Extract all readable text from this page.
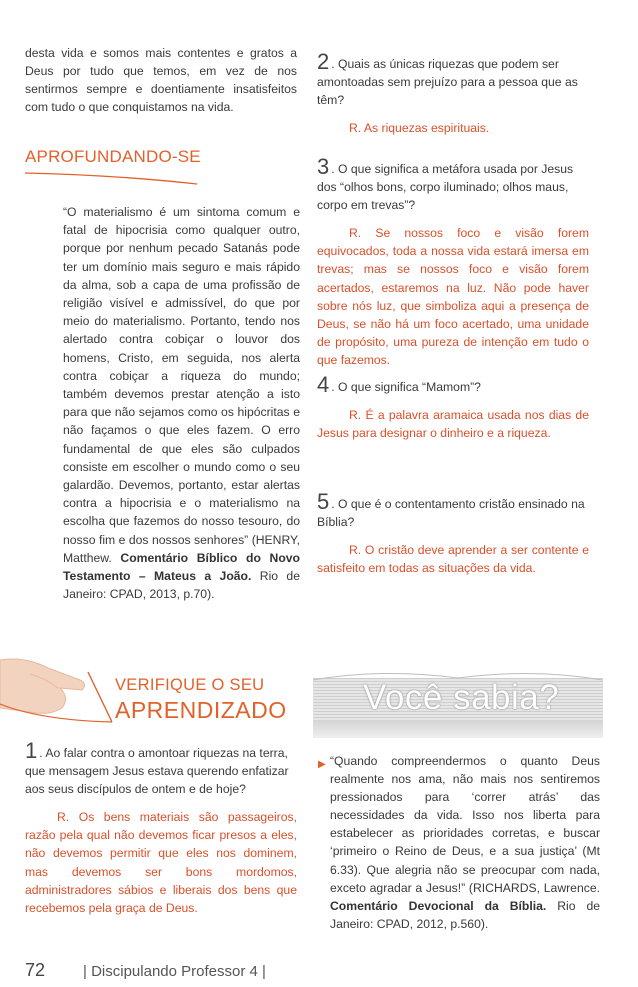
desta vida e somos mais contentes e gratos a Deus por tudo que temos, em vez de nos sentirmos sempre e doentiamente insatisfeitos com tudo o que conquistamos na vida.

APROFUNDANDO-SE

“O materialismo é um sintoma comum e fatal de hipocrisia como qualquer outro, porque por nenhum pecado Satanás pode ter um domínio mais seguro e mais rápido da alma, sob a capa de uma profissão de religião visível e admissível, do que por meio do materialismo. Portanto, tendo nos alertado contra cobiçar o louvor dos homens, Cristo, em seguida, nos alerta contra cobiçar a riqueza do mundo; também devemos prestar atenção a isto para que não sejamos como os hipócritas e não façamos o que eles fazem. O erro fundamental de que eles são culpados consiste em escolher o mundo como o seu galardão. Devemos, portanto, estar alertas contra a hipocrisia e o materialismo na escolha que fazemos do nosso tesouro, do nosso fim e dos nossos senhores” (HENRY, Matthew. Comentário Bíblico do Novo Testamento – Mateus a João. Rio de Janeiro: CPAD, 2013, p.70).

VERIFIQUE O SEU
APRENDIZADO

1 . Ao falar contra o amontoar riquezas na terra, que mensagem Jesus estava querendo enfatizar aos seus discípulos de ontem e de hoje?

R. Os bens materiais são passageiros, razão pela qual não devemos ficar presos a eles, não devemos permitir que eles nos dominem, mas devemos ser bons mordomos, administradores sábios e liberais dos bens que recebemos pela graça de Deus.

2 . Quais as únicas riquezas que podem ser amontoadas sem prejuízo para a pessoa que as têm?

R. As riquezas espirituais.

3 . O que significa a metáfora usada por Jesus dos “olhos bons, corpo iluminado; olhos maus, corpo em trevas”?

R. Se nossos foco e visão forem equivocados, toda a nossa vida estará imersa em trevas; mas se nossos foco e visão forem acertados, estaremos na luz. Não pode haver sobre nós luz, que simboliza aqui a presença de Deus, se não há um foco acertado, uma unidade de propósito, uma pureza de intenção em tudo o que fazemos.

4 . O que significa “Mamom”?

R. É a palavra aramaica usada nos dias de Jesus para designar o dinheiro e a riqueza.

5 . O que é o contentamento cristão ensinado na Bíblia?

R. O cristão deve aprender a ser contente e satisfeito em todas as situações da vida.

Você sabia?

▶ “Quando compreendermos o quanto Deus realmente nos ama, não mais nos sentiremos pressionados para ‘correr atrás’ das necessidades da vida. Isso nos liberta para estabelecer as prioridades corretas, e buscar ‘primeiro o Reino de Deus, e a sua justiça’ (Mt 6.33). Que alegria não se preocupar com nada, exceto agradar a Jesus!” (RICHARDS, Lawrence. Comentário Devocional da Bíblia. Rio de Janeiro: CPAD, 2012, p.560).

72	| Discipulando Professor 4 |
